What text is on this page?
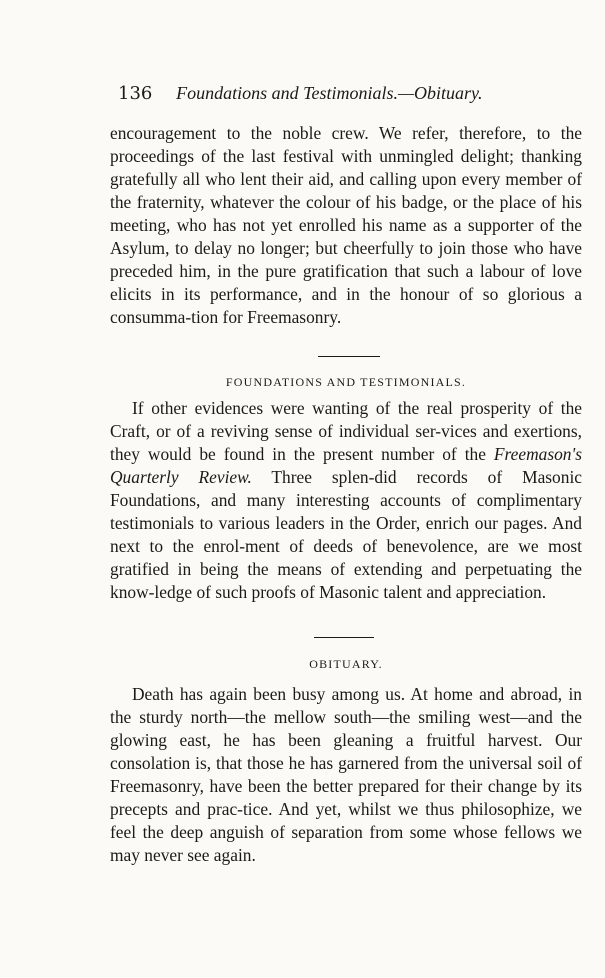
136 Foundations and Testimonials.—Obituary.

encouragement to the noble crew. We refer, therefore, to the proceedings of the last festival with unmingled delight; thanking gratefully all who lent their aid, and calling upon every member of the fraternity, whatever the colour of his badge, or the place of his meeting, who has not yet enrolled his name as a supporter of the Asylum, to delay no longer; but cheerfully to join those who have preceded him, in the pure gratification that such a labour of love elicits in its performance, and in the honour of so glorious a consumma-tion for Freemasonry.

FOUNDATIONS AND TESTIMONIALS.

If other evidences were wanting of the real prosperity of the Craft, or of a reviving sense of individual ser-vices and exertions, they would be found in the present number of the Freemason's Quarterly Review. Three splen-did records of Masonic Foundations, and many interesting accounts of complimentary testimonials to various leaders in the Order, enrich our pages. And next to the enrol-ment of deeds of benevolence, are we most gratified in being the means of extending and perpetuating the know-ledge of such proofs of Masonic talent and appreciation.

OBITUARY.

Death has again been busy among us. At home and abroad, in the sturdy north—the mellow south—the smiling west—and the glowing east, he has been gleaning a fruitful harvest. Our consolation is, that those he has garnered from the universal soil of Freemasonry, have been the better prepared for their change by its precepts and prac-tice. And yet, whilst we thus philosophize, we feel the deep anguish of separation from some whose fellows we may never see again.
